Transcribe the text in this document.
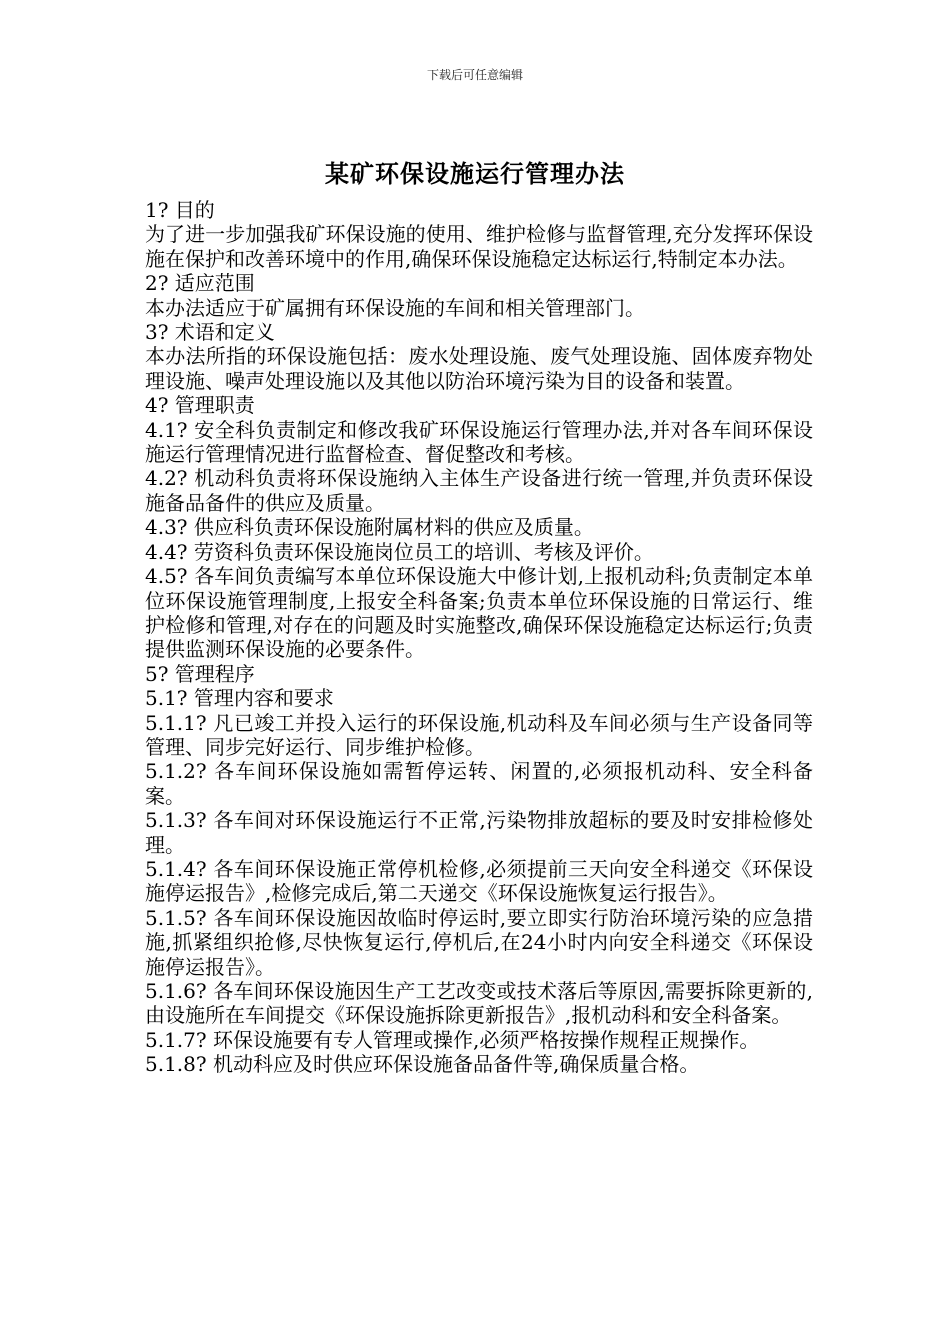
下载后可任意编辑
某矿环保设施运行管理办法

1? 目的

为了进一步加强我矿环保设施的使用、维护检修与监督管理,充分发挥环保设施在保护和改善环境中的作用,确保环保设施稳定达标运行,特制定本办法。

2? 适应范围

本办法适应于矿属拥有环保设施的车间和相关管理部门。

3? 术语和定义

本办法所指的环保设施包括：废水处理设施、废气处理设施、固体废弃物处理设施、噪声处理设施以及其他以防治环境污染为目的设备和装置。

4? 管理职责

4.1? 安全科负责制定和修改我矿环保设施运行管理办法,并对各车间环保设施运行管理情况进行监督检查、督促整改和考核。

4.2? 机动科负责将环保设施纳入主体生产设备进行统一管理,并负责环保设施备品备件的供应及质量。

4.3? 供应科负责环保设施附属材料的供应及质量。

4.4? 劳资科负责环保设施岗位员工的培训、考核及评价。

4.5? 各车间负责编写本单位环保设施大中修计划,上报机动科;负责制定本单位环保设施管理制度,上报安全科备案;负责本单位环保设施的日常运行、维护检修和管理,对存在的问题及时实施整改,确保环保设施稳定达标运行;负责提供监测环保设施的必要条件。

5? 管理程序

5.1? 管理内容和要求

5.1.1? 凡已竣工并投入运行的环保设施,机动科及车间必须与生产设备同等管理、同步完好运行、同步维护检修。

5.1.2? 各车间环保设施如需暂停运转、闲置的,必须报机动科、安全科备案。

5.1.3? 各车间对环保设施运行不正常,污染物排放超标的要及时安排检修处理。

5.1.4? 各车间环保设施正常停机检修,必须提前三天向安全科递交《环保设施停运报告》,检修完成后,第二天递交《环保设施恢复运行报告》。

5.1.5? 各车间环保设施因故临时停运时,要立即实行防治环境污染的应急措施,抓紧组织抢修,尽快恢复运行,停机后,在24小时内向安全科递交《环保设施停运报告》。

5.1.6? 各车间环保设施因生产工艺改变或技术落后等原因,需要拆除更新的,由设施所在车间提交《环保设施拆除更新报告》,报机动科和安全科备案。

5.1.7? 环保设施要有专人管理或操作,必须严格按操作规程正规操作。

5.1.8? 机动科应及时供应环保设施备品备件等,确保质量合格。
